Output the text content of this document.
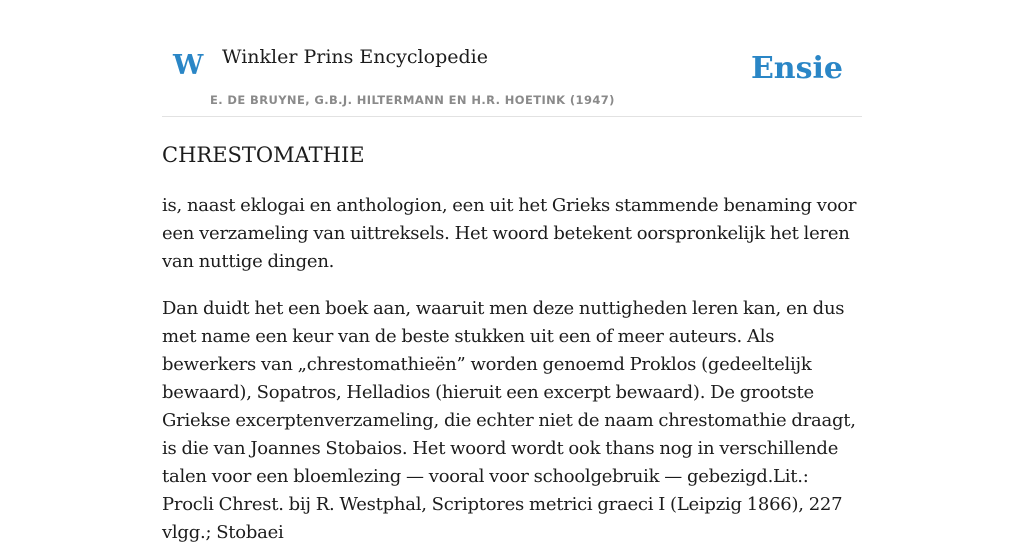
W Winkler Prins Encyclopedie
E. DE BRUYNE, G.B.J. HILTERMANN EN H.R. HOETINK (1947)
Ensie
CHRESTOMATHIE

is, naast eklogai en anthologion, een uit het Grieks stammende benaming voor een verzameling van uittreksels. Het woord betekent oorspronkelijk het leren van nuttige dingen.

Dan duidt het een boek aan, waaruit men deze nuttigheden leren kan, en dus met name een keur van de beste stukken uit een of meer auteurs. Als bewerkers van „chrestomathieën” worden genoemd Proklos (gedeeltelijk bewaard), Sopatros, Helladios (hieruit een excerpt bewaard). De grootste Griekse excerptenverzameling, die echter niet de naam chrestomathie draagt, is die van Joannes Stobaios. Het woord wordt ook thans nog in verschillende talen voor een bloemlezing — vooral voor schoolgebruik — gebezigd.Lit.: Procli Chrest. bij R. Westphal, Scriptores metrici graeci I (Leipzig 1866), 227 vlgg.; Stobaei
